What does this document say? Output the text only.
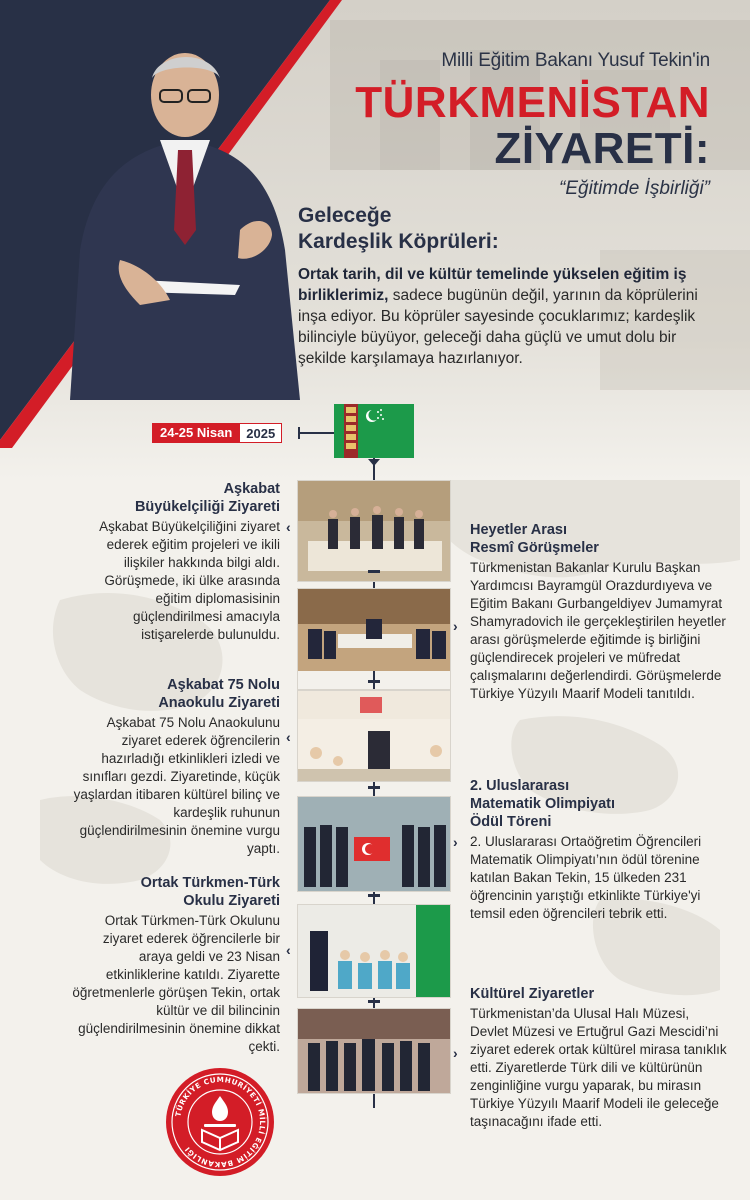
Milli Eğitim Bakanı Yusuf Tekin'in
TÜRKMENİSTAN
ZİYARETİ:
“Eğitimde İşbirliği”
Geleceğe
Kardeşlik Köprüleri:
Ortak tarih, dil ve kültür temelinde yükselen eğitim iş birliklerimiz, sadece bugünün değil, yarının da köprülerini inşa ediyor. Bu köprüler sayesinde çocuklarımız; kardeşlik bilinciyle büyüyor, geleceği daha güçlü ve umut dolu bir şekilde karşılamaya hazırlanıyor.
24-25 Nisan	2025
‹
›
‹
›
‹
›
Aşkabat
Büyükelçiliği Ziyareti
Aşkabat Büyükelçiliğini ziyaret ederek eğitim projeleri ve ikili ilişkiler hakkında bilgi aldı. Görüşmede, iki ülke arasında eğitim diplomasisinin güçlendirilmesi amacıyla istişarelerde bulunuldu.
Heyetler Arası
Resmî Görüşmeler
Türkmenistan Bakanlar Kurulu Başkan Yardımcısı Bayramgül Orazdurdıyeva ve Eğitim Bakanı Gurbangeldiyev Jumamyrat Shamyradovich ile gerçekleştirilen heyetler arası görüşmelerde eğitimde iş birliğini güçlendirecek projeleri ve müfredat çalışmalarını değerlendirdi. Görüşmelerde Türkiye Yüzyılı Maarif Modeli tanıtıldı.
Aşkabat 75 Nolu
Anaokulu Ziyareti
Aşkabat 75 Nolu Anaokulunu ziyaret ederek öğrencilerin hazırladığı etkinlikleri izledi ve sınıfları gezdi. Ziyaretinde, küçük yaşlardan itibaren kültürel bilinç ve kardeşlik ruhunun güçlendirilmesinin önemine vurgu yaptı.
2. Uluslararası
Matematik Olimpiyatı
Ödül Töreni
2. Uluslararası Ortaöğretim Öğrencileri Matematik Olimpiyatı’nın ödül törenine katılan Bakan Tekin, 15 ülkeden 231 öğrencinin yarıştığı etkinlikte Türkiye'yi temsil eden öğrencileri tebrik etti.
Ortak Türkmen-Türk
Okulu Ziyareti
Ortak Türkmen-Türk Okulunu ziyaret ederek öğrencilerle bir araya geldi ve 23 Nisan etkinliklerine katıldı. Ziyarette öğretmenlerle görüşen Tekin, ortak kültür ve dil bilincinin güçlendirilmesinin önemine dikkat çekti.
Kültürel Ziyaretler
Türkmenistan’da Ulusal Halı Müzesi, Devlet Müzesi ve Ertuğrul Gazi Mescidi’ni ziyaret ederek ortak kültürel mirasa tanıklık etti. Ziyaretlerde Türk dili ve kültürünün zenginliğine vurgu yaparak, bu mirasın Türkiye Yüzyılı Maarif Modeli ile geleceğe taşınacağını ifade etti.
TÜRKİYE CUMHURİYETİ MİLLİ EĞİTİM BAKANLIĞI
